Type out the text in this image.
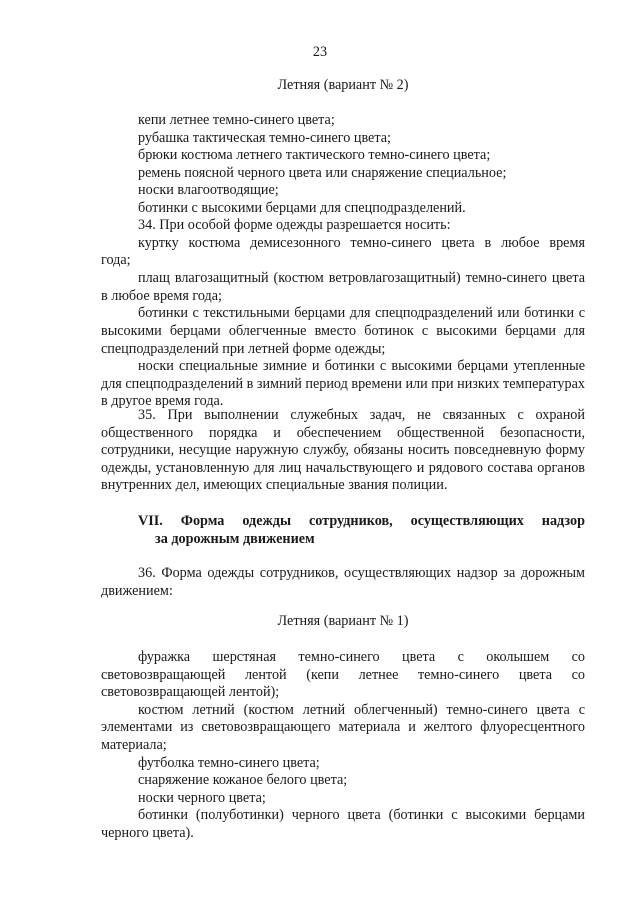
23

Летняя (вариант № 2)

кепи летнее темно-синего цвета;

рубашка тактическая темно-синего цвета;

брюки костюма летнего тактического темно-синего цвета;

ремень поясной черного цвета или снаряжение специальное;

носки влагоотводящие;

ботинки с высокими берцами для спецподразделений.

34. При особой форме одежды разрешается носить:

куртку костюма демисезонного темно-синего цвета в любое время

года;

плащ влагозащитный (костюм ветровлагозащитный) темно-синего цвета в любое время года;

ботинки с текстильными берцами для спецподразделений или ботинки с высокими берцами облегченные вместо ботинок с высокими берцами для спецподразделений при летней форме одежды;

носки специальные зимние и ботинки с высокими берцами утепленные для спецподразделений в зимний период времени или при низких температурах в другое время года.

35. При выполнении служебных задач, не связанных с охраной общественного порядка и обеспечением общественной безопасности, сотрудники, несущие наружную службу, обязаны носить повседневную форму одежды, установленную для лиц начальствующего и рядового состава органов внутренних дел, имеющих специальные звания полиции.

VII. Форма одежды сотрудников, осуществляющих надзор
за дорожным движением

36. Форма одежды сотрудников, осуществляющих надзор за дорожным движением:

Летняя (вариант № 1)

фуражка шерстяная темно-синего цвета с околышем со световозвращающей лентой (кепи летнее темно-синего цвета со световозвращающей лентой);

костюм летний (костюм летний облегченный) темно-синего цвета с элементами из световозвращающего материала и желтого флуоресцентного материала;

футболка темно-синего цвета;

снаряжение кожаное белого цвета;

носки черного цвета;

ботинки (полуботинки) черного цвета (ботинки с высокими берцами черного цвета).
